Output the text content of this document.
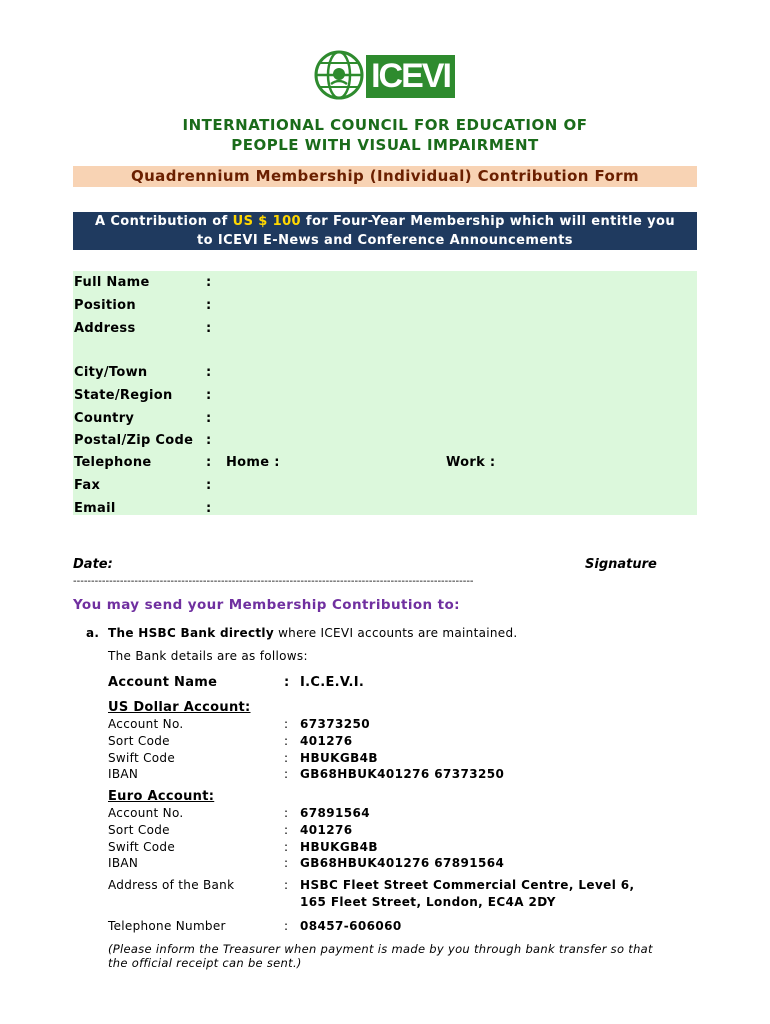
ICEVI
INTERNATIONAL COUNCIL FOR EDUCATION OF
PEOPLE WITH VISUAL IMPAIRMENT
Quadrennium Membership (Individual) Contribution Form
A Contribution of US $ 100 for Four-Year Membership which will entitle you
to ICEVI E-News and Conference Announcements
Full Name	:
Position	:
Address	:
City/Town	:
State/Region	:
Country	:
Postal/Zip Code :
Telephone	: Home :	Work :
Fax	:
Email	:
Date:	Signature
---------------------------------------------------------------------------------------------------------------
You may send your Membership Contribution to:
a. The HSBC Bank directly where ICEVI accounts are maintained.
The Bank details are as follows:
Account Name	: I.C.E.V.I.
US Dollar Account:
Account No.	: 67373250
Sort Code	: 401276
Swift Code	: HBUKGB4B
IBAN	: GB68HBUK401276 67373250
Euro Account:
Account No.	: 67891564
Sort Code	: 401276
Swift Code	: HBUKGB4B
IBAN	: GB68HBUK401276 67891564
Address of the Bank	: HSBC Fleet Street Commercial Centre, Level 6,
165 Fleet Street, London, EC4A 2DY
Telephone Number	: 08457-606060
(Please inform the Treasurer when payment is made by you through bank transfer so that
the official receipt can be sent.)
